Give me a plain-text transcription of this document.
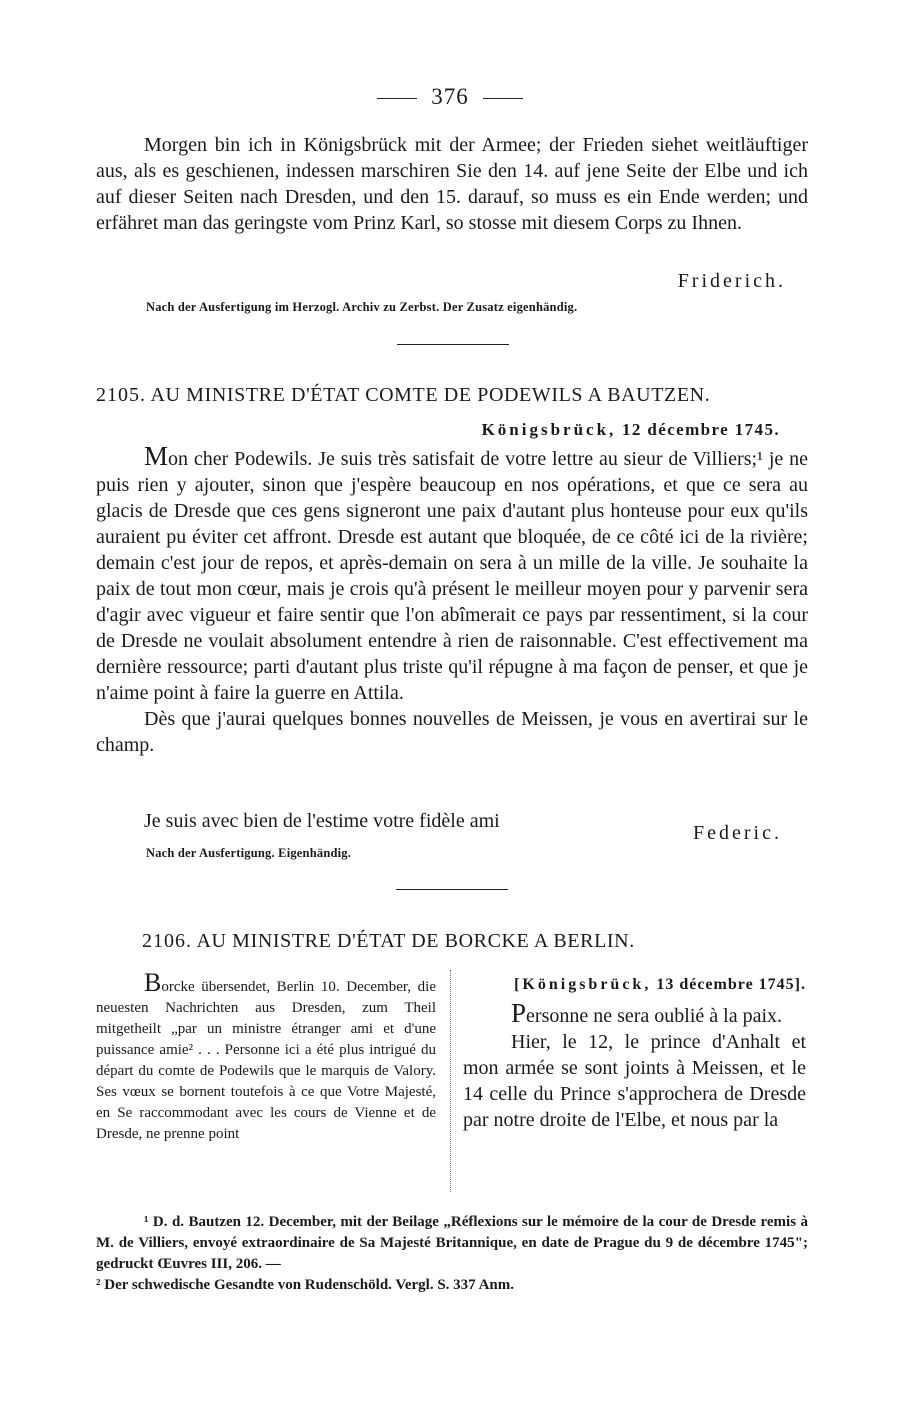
376
Morgen bin ich in Königsbrück mit der Armee; der Frieden siehet weitläuftiger aus, als es geschienen, indessen marschiren Sie den 14. auf jene Seite der Elbe und ich auf dieser Seiten nach Dresden, und den 15. darauf, so muss es ein Ende werden; und erfähret man das geringste vom Prinz Karl, so stosse mit diesem Corps zu Ihnen.
Friderich.
Nach der Ausfertigung im Herzogl. Archiv zu Zerbst. Der Zusatz eigenhändig.
2105. AU MINISTRE D'ÉTAT COMTE DE PODEWILS A BAUTZEN.
Königsbrück, 12 décembre 1745.

Mon cher Podewils. Je suis très satisfait de votre lettre au sieur de Villiers;¹ je ne puis rien y ajouter, sinon que j'espère beaucoup en nos opérations, et que ce sera au glacis de Dresde que ces gens signeront une paix d'autant plus honteuse pour eux qu'ils auraient pu éviter cet affront. Dresde est autant que bloquée, de ce côté ici de la rivière; demain c'est jour de repos, et après-demain on sera à un mille de la ville. Je souhaite la paix de tout mon cœur, mais je crois qu'à présent le meilleur moyen pour y parvenir sera d'agir avec vigueur et faire sentir que l'on abîmerait ce pays par ressentiment, si la cour de Dresde ne voulait absolument entendre à rien de raisonnable. C'est effectivement ma dernière ressource; parti d'autant plus triste qu'il répugne à ma façon de penser, et que je n'aime point à faire la guerre en Attila.

Dès que j'aurai quelques bonnes nouvelles de Meissen, je vous en avertirai sur le champ.

Je suis avec bien de l'estime votre fidèle ami
Federic.
Nach der Ausfertigung. Eigenhändig.
2106. AU MINISTRE D'ÉTAT DE BORCKE A BERLIN.

Borcke übersendet, Berlin 10. December, die neuesten Nachrichten aus Dresden, zum Theil mitgetheilt „par un ministre étranger ami et d'une puissance amie² . . . Personne ici a été plus intrigué du départ du comte de Podewils que le marquis de Valory. Ses vœux se bornent toutefois à ce que Votre Majesté, en Se raccommodant avec les cours de Vienne et de Dresde, ne prenne point

[Königsbrück, 13 décembre 1745].

Personne ne sera oublié à la paix.

Hier, le 12, le prince d'Anhalt et mon armée se sont joints à Meissen, et le 14 celle du Prince s'approchera de Dresde par notre droite de l'Elbe, et nous par la

¹ D. d. Bautzen 12. December, mit der Beilage „Réflexions sur le mémoire de la cour de Dresde remis à M. de Villiers, envoyé extraordinaire de Sa Majesté Britannique, en date de Prague du 9 de décembre 1745"; gedruckt Œuvres III, 206. —

² Der schwedische Gesandte von Rudenschöld. Vergl. S. 337 Anm.
